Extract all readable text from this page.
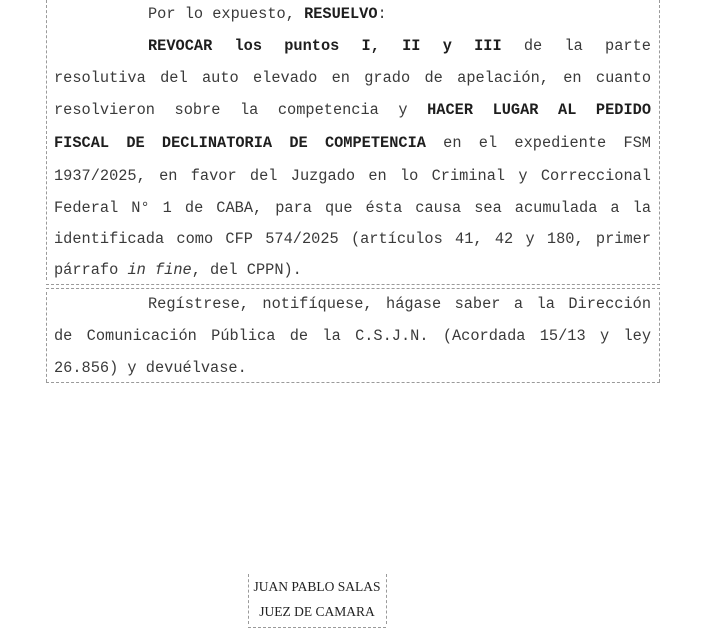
Por lo expuesto, RESUELVO:
REVOCAR los puntos I, II y III de la parte
resolutiva del auto elevado en grado de apelación, en cuanto
resolvieron sobre la competencia y HACER LUGAR AL PEDIDO
FISCAL DE DECLINATORIA DE COMPETENCIA en el expediente FSM
1937/2025, en favor del Juzgado en lo Criminal y Correccional
Federal N° 1 de CABA, para que ésta causa sea acumulada a la
identificada como CFP 574/2025 (artículos 41, 42 y 180, primer
párrafo in fine, del CPPN).
Regístrese, notifíquese, hágase saber a la Dirección
de Comunicación Pública de la C.S.J.N. (Acordada 15/13 y ley
26.856) y devuélvase.
JUAN PABLO SALAS
JUEZ DE CAMARA
